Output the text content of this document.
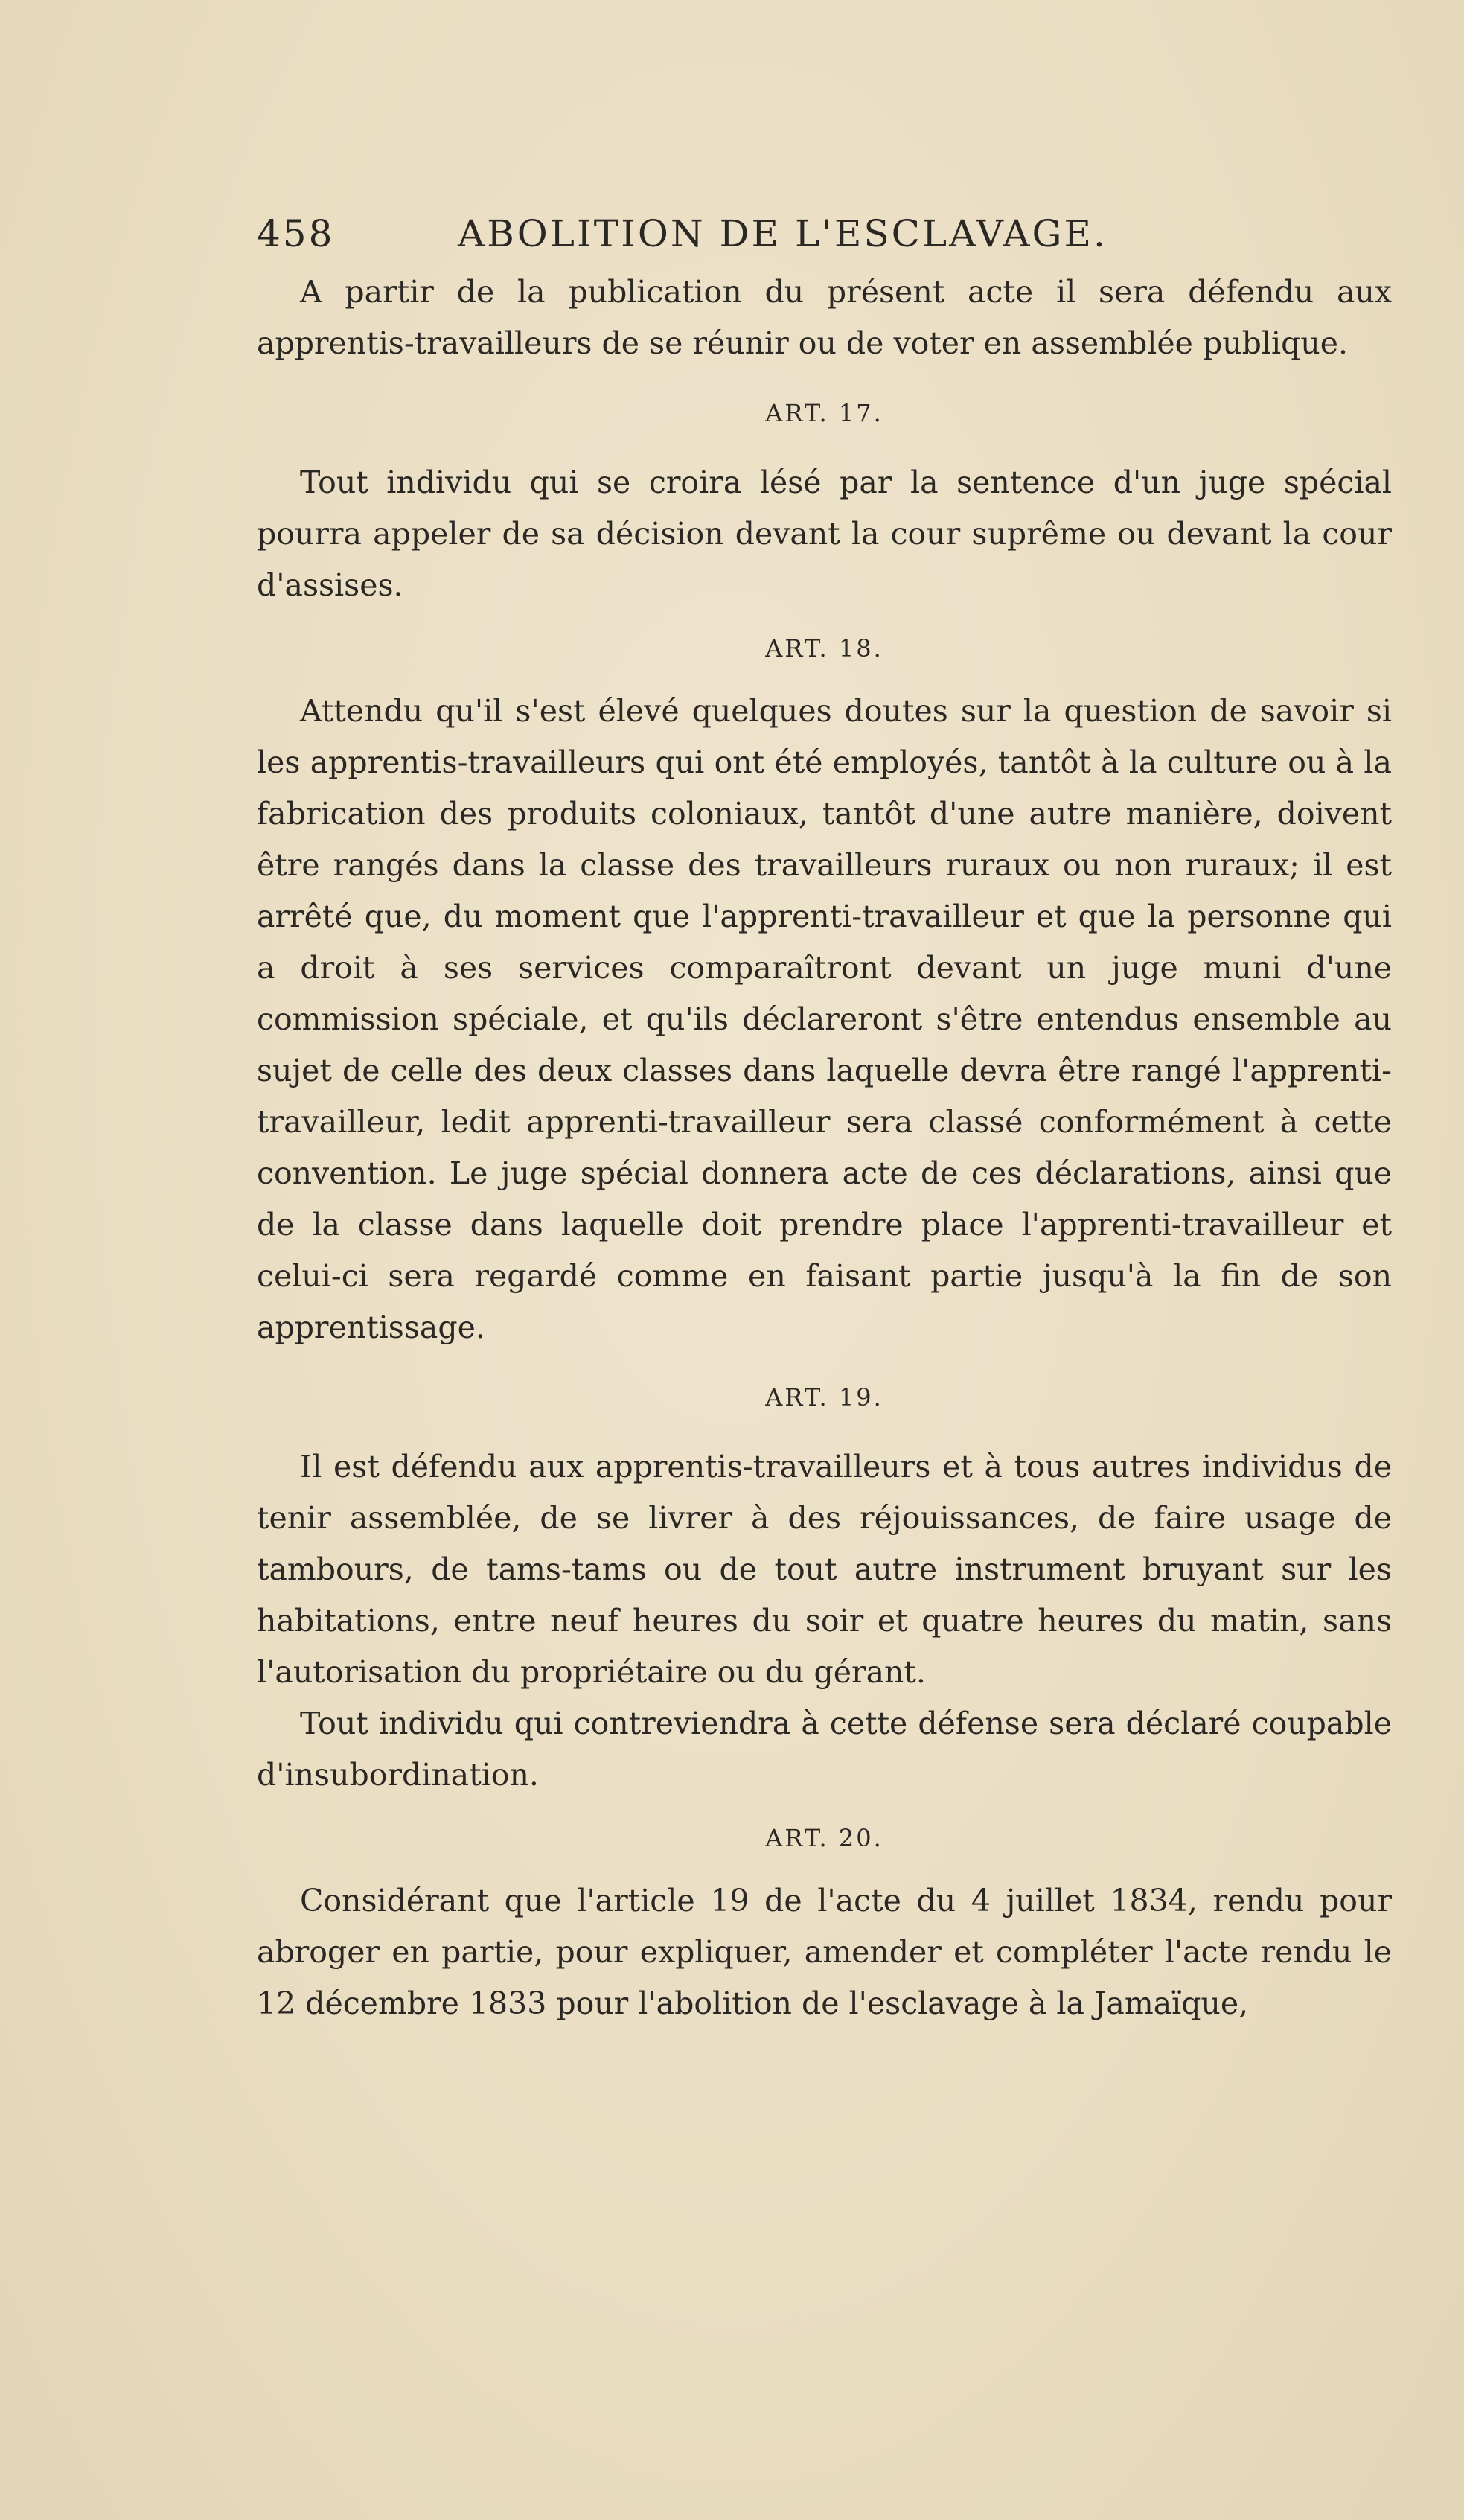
458	ABOLITION DE L'ESCLAVAGE.

A partir de la publication du présent acte il sera défendu aux apprentis-travailleurs de se réunir ou de voter en assemblée publique.

ART. 17.

Tout individu qui se croira lésé par la sentence d'un juge spécial pourra appeler de sa décision devant la cour suprême ou devant la cour d'assises.

ART. 18.

Attendu qu'il s'est élevé quelques doutes sur la question de savoir si les apprentis-travailleurs qui ont été employés, tantôt à la culture ou à la fabrication des produits coloniaux, tantôt d'une autre manière, doivent être rangés dans la classe des travailleurs ruraux ou non ruraux; il est arrêté que, du moment que l'apprenti-travailleur et que la personne qui a droit à ses services comparaîtront devant un juge muni d'une commission spéciale, et qu'ils déclareront s'être entendus ensemble au sujet de celle des deux classes dans laquelle devra être rangé l'apprenti-travailleur, ledit apprenti-travailleur sera classé conformément à cette convention. Le juge spécial donnera acte de ces déclarations, ainsi que de la classe dans laquelle doit prendre place l'apprenti-travailleur et celui-ci sera regardé comme en faisant partie jusqu'à la fin de son apprentissage.

ART. 19.

Il est défendu aux apprentis-travailleurs et à tous autres individus de tenir assemblée, de se livrer à des réjouissances, de faire usage de tambours, de tams-tams ou de tout autre instrument bruyant sur les habitations, entre neuf heures du soir et quatre heures du matin, sans l'autorisation du propriétaire ou du gérant.

Tout individu qui contreviendra à cette défense sera déclaré coupable d'insubordination.

ART. 20.

Considérant que l'article 19 de l'acte du 4 juillet 1834, rendu pour abroger en partie, pour expliquer, amender et compléter l'acte rendu le 12 décembre 1833 pour l'abolition de l'esclavage à la Jamaïque,
